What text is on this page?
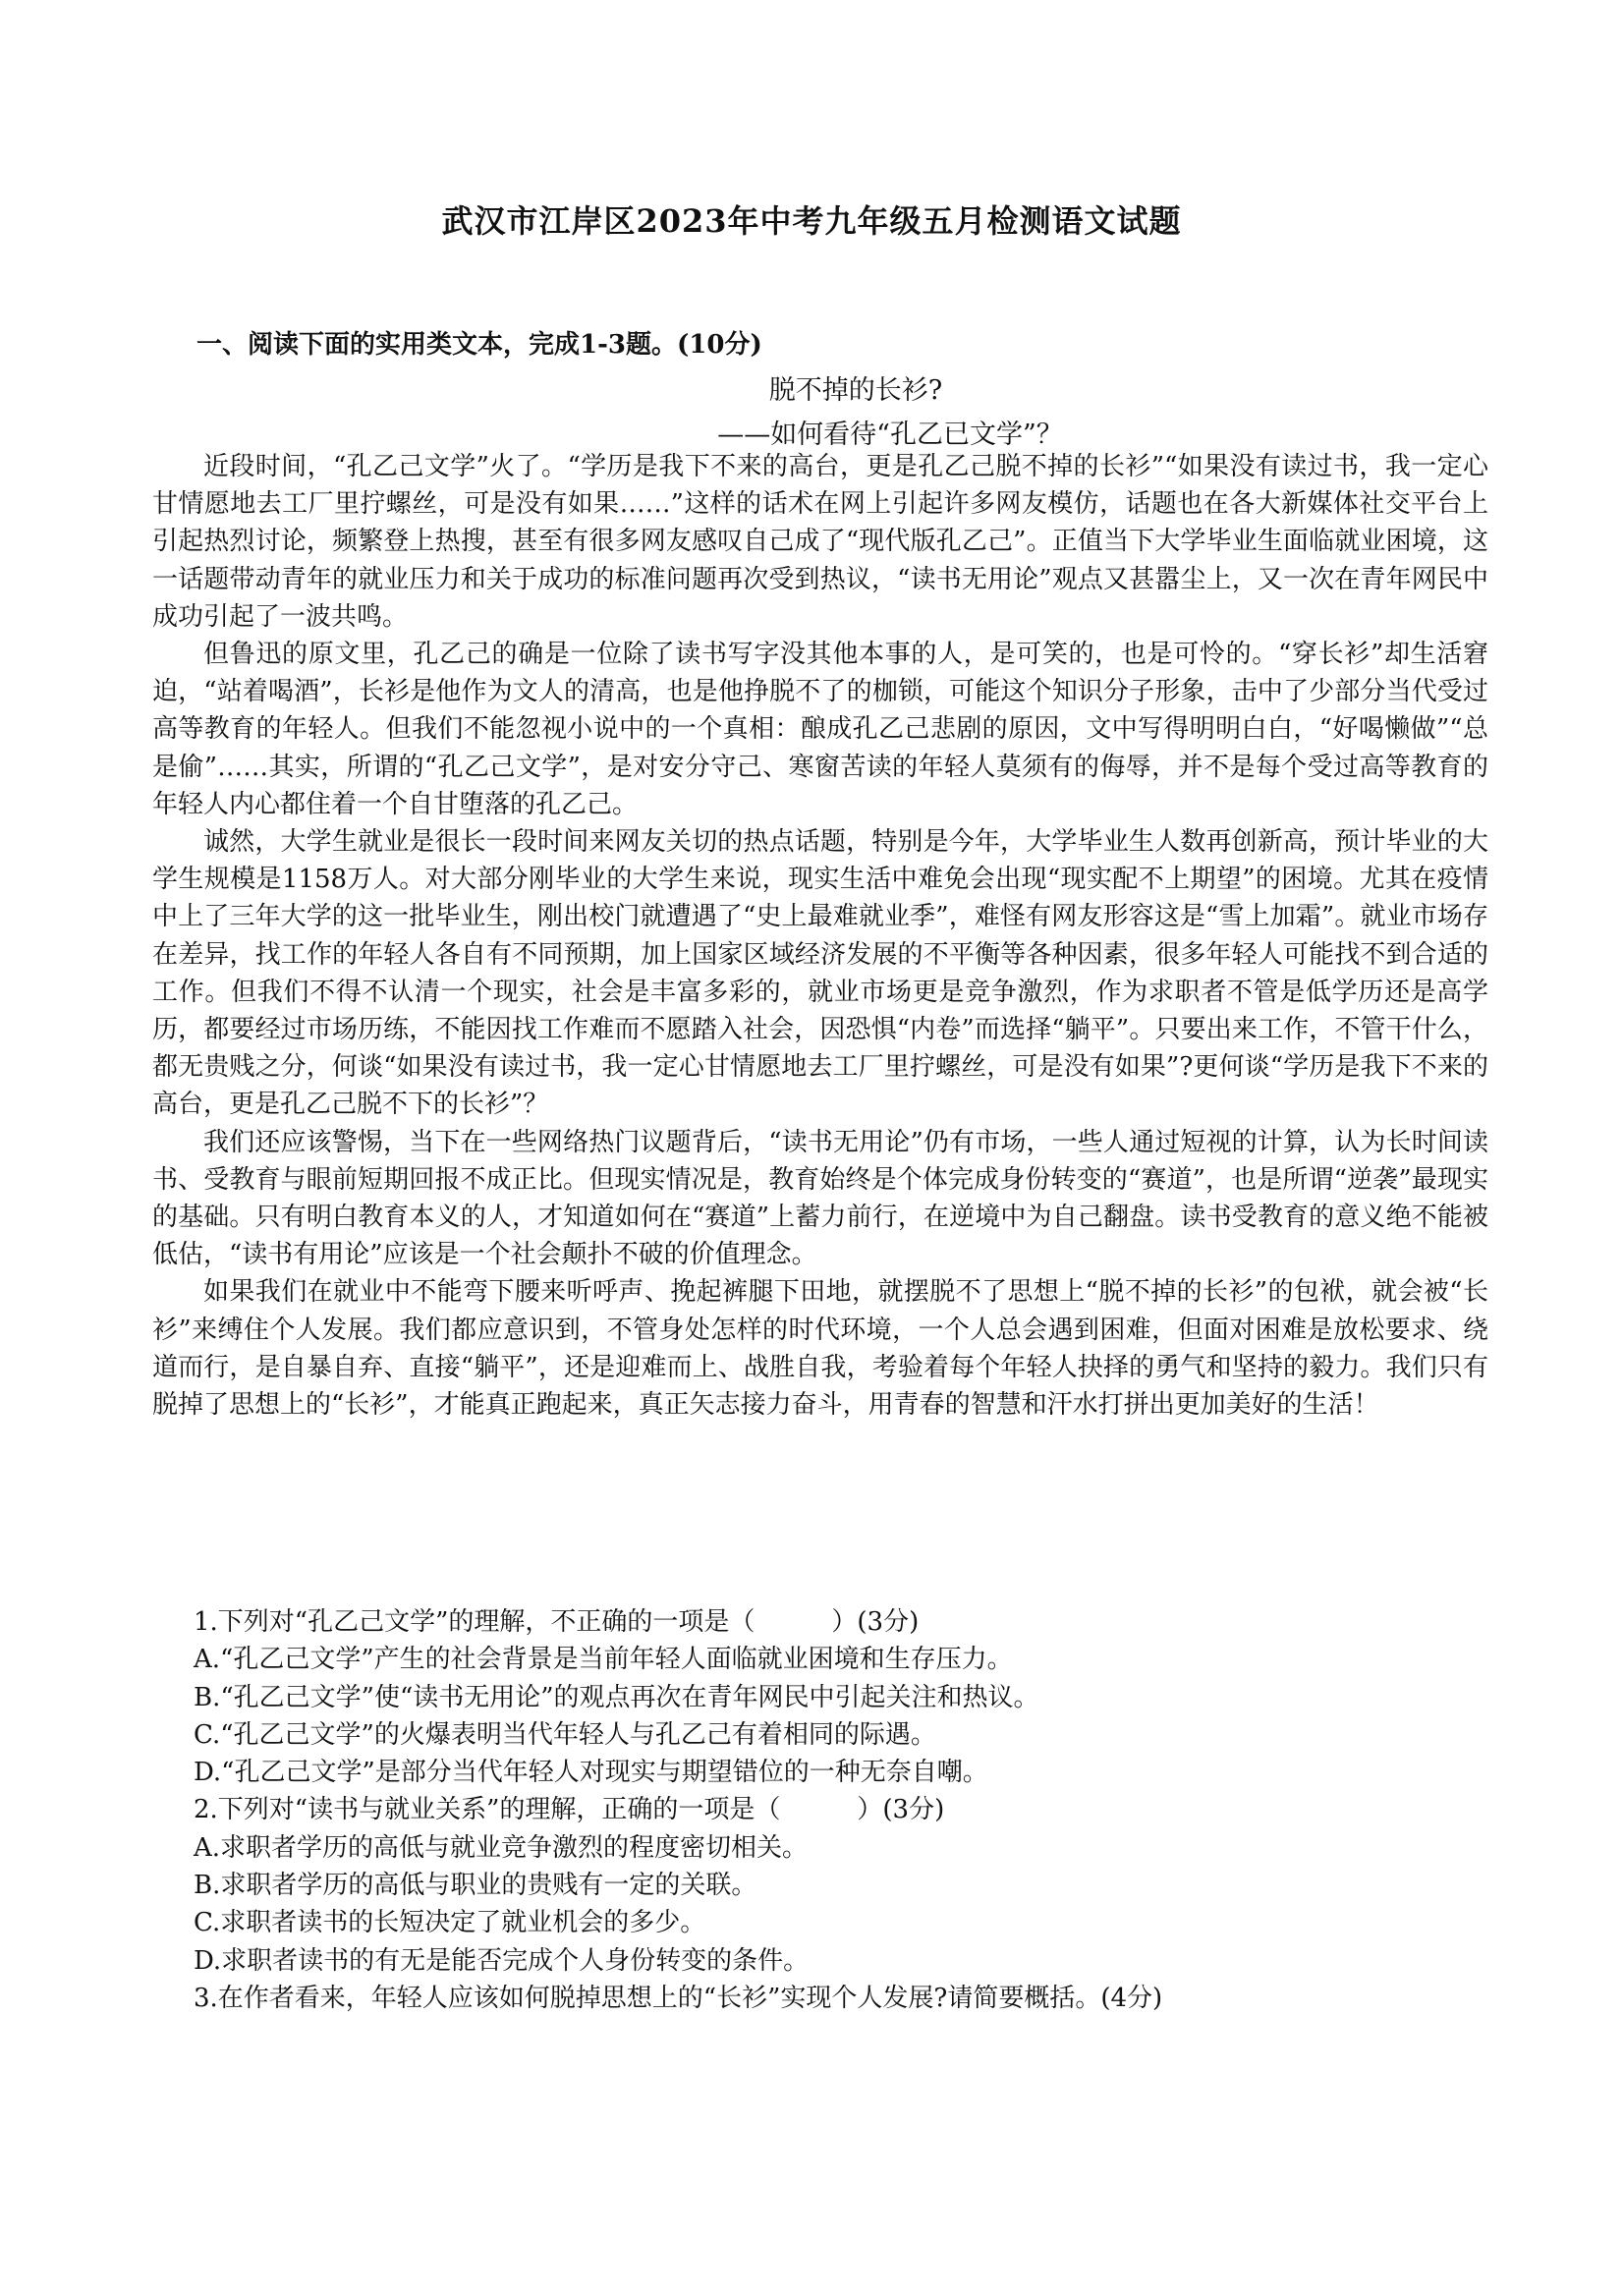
武汉市江岸区2023年中考九年级五月检测语文试题
一、阅读下面的实用类文本，完成1-3题。(10分)
脱不掉的长衫?
——如何看待“孔乙已文学”？

近段时间，“孔乙己文学”火了。“学历是我下不来的高台，更是孔乙己脱不掉的长衫”“如果没有读过书，我一定心甘情愿地去工厂里拧螺丝，可是没有如果……”这样的话术在网上引起许多网友模仿，话题也在各大新媒体社交平台上引起热烈讨论，频繁登上热搜，甚至有很多网友感叹自己成了“现代版孔乙己”。正值当下大学毕业生面临就业困境，这一话题带动青年的就业压力和关于成功的标准问题再次受到热议，“读书无用论”观点又甚嚣尘上，又一次在青年网民中成功引起了一波共鸣。

但鲁迅的原文里，孔乙己的确是一位除了读书写字没其他本事的人，是可笑的，也是可怜的。“穿长衫”却生活窘迫，“站着喝酒”，长衫是他作为文人的清高，也是他挣脱不了的枷锁，可能这个知识分子形象，击中了少部分当代受过高等教育的年轻人。但我们不能忽视小说中的一个真相：酿成孔乙己悲剧的原因，文中写得明明白白，“好喝懒做”“总是偷”……其实，所谓的“孔乙己文学”，是对安分守己、寒窗苦读的年轻人莫须有的侮辱，并不是每个受过高等教育的年轻人内心都住着一个自甘堕落的孔乙己。

诚然，大学生就业是很长一段时间来网友关切的热点话题，特别是今年，大学毕业生人数再创新高，预计毕业的大学生规模是1158万人。对大部分刚毕业的大学生来说，现实生活中难免会出现“现实配不上期望”的困境。尤其在疫情中上了三年大学的这一批毕业生，刚出校门就遭遇了“史上最难就业季”，难怪有网友形容这是“雪上加霜”。就业市场存在差异，找工作的年轻人各自有不同预期，加上国家区域经济发展的不平衡等各种因素，很多年轻人可能找不到合适的工作。但我们不得不认清一个现实，社会是丰富多彩的，就业市场更是竞争激烈，作为求职者不管是低学历还是高学历，都要经过市场历练，不能因找工作难而不愿踏入社会，因恐惧“内卷”而选择“躺平”。只要出来工作，不管干什么，都无贵贱之分，何谈“如果没有读过书，我一定心甘情愿地去工厂里拧螺丝，可是没有如果”?更何谈“学历是我下不来的高台，更是孔乙己脱不下的长衫”？

我们还应该警惕，当下在一些网络热门议题背后，“读书无用论”仍有市场，一些人通过短视的计算，认为长时间读书、受教育与眼前短期回报不成正比。但现实情况是，教育始终是个体完成身份转变的“赛道”，也是所谓“逆袭”最现实的基础。只有明白教育本义的人，才知道如何在“赛道”上蓄力前行，在逆境中为自己翻盘。读书受教育的意义绝不能被低估，“读书有用论”应该是一个社会颠扑不破的价值理念。

如果我们在就业中不能弯下腰来听呼声、挽起裤腿下田地，就摆脱不了思想上“脱不掉的长衫”的包袱，就会被“长衫”来缚住个人发展。我们都应意识到，不管身处怎样的时代环境，一个人总会遇到困难，但面对困难是放松要求、绕道而行，是自暴自弃、直接“躺平”，还是迎难而上、战胜自我，考验着每个年轻人抉择的勇气和坚持的毅力。我们只有脱掉了思想上的“长衫”，才能真正跑起来，真正矢志接力奋斗，用青春的智慧和汗水打拼出更加美好的生活！

1.下列对“孔乙己文学”的理解，不正确的一项是（　　　）(3分)

A.“孔乙己文学”产生的社会背景是当前年轻人面临就业困境和生存压力。

B.“孔乙己文学”使“读书无用论”的观点再次在青年网民中引起关注和热议。

C.“孔乙己文学”的火爆表明当代年轻人与孔乙己有着相同的际遇。

D.“孔乙己文学”是部分当代年轻人对现实与期望错位的一种无奈自嘲。

2.下列对“读书与就业关系”的理解，正确的一项是（　　　）(3分)

A.求职者学历的高低与就业竞争激烈的程度密切相关。

B.求职者学历的高低与职业的贵贱有一定的关联。

C.求职者读书的长短决定了就业机会的多少。

D.求职者读书的有无是能否完成个人身份转变的条件。

3.在作者看来，年轻人应该如何脱掉思想上的“长衫”实现个人发展?请简要概括。(4分)
